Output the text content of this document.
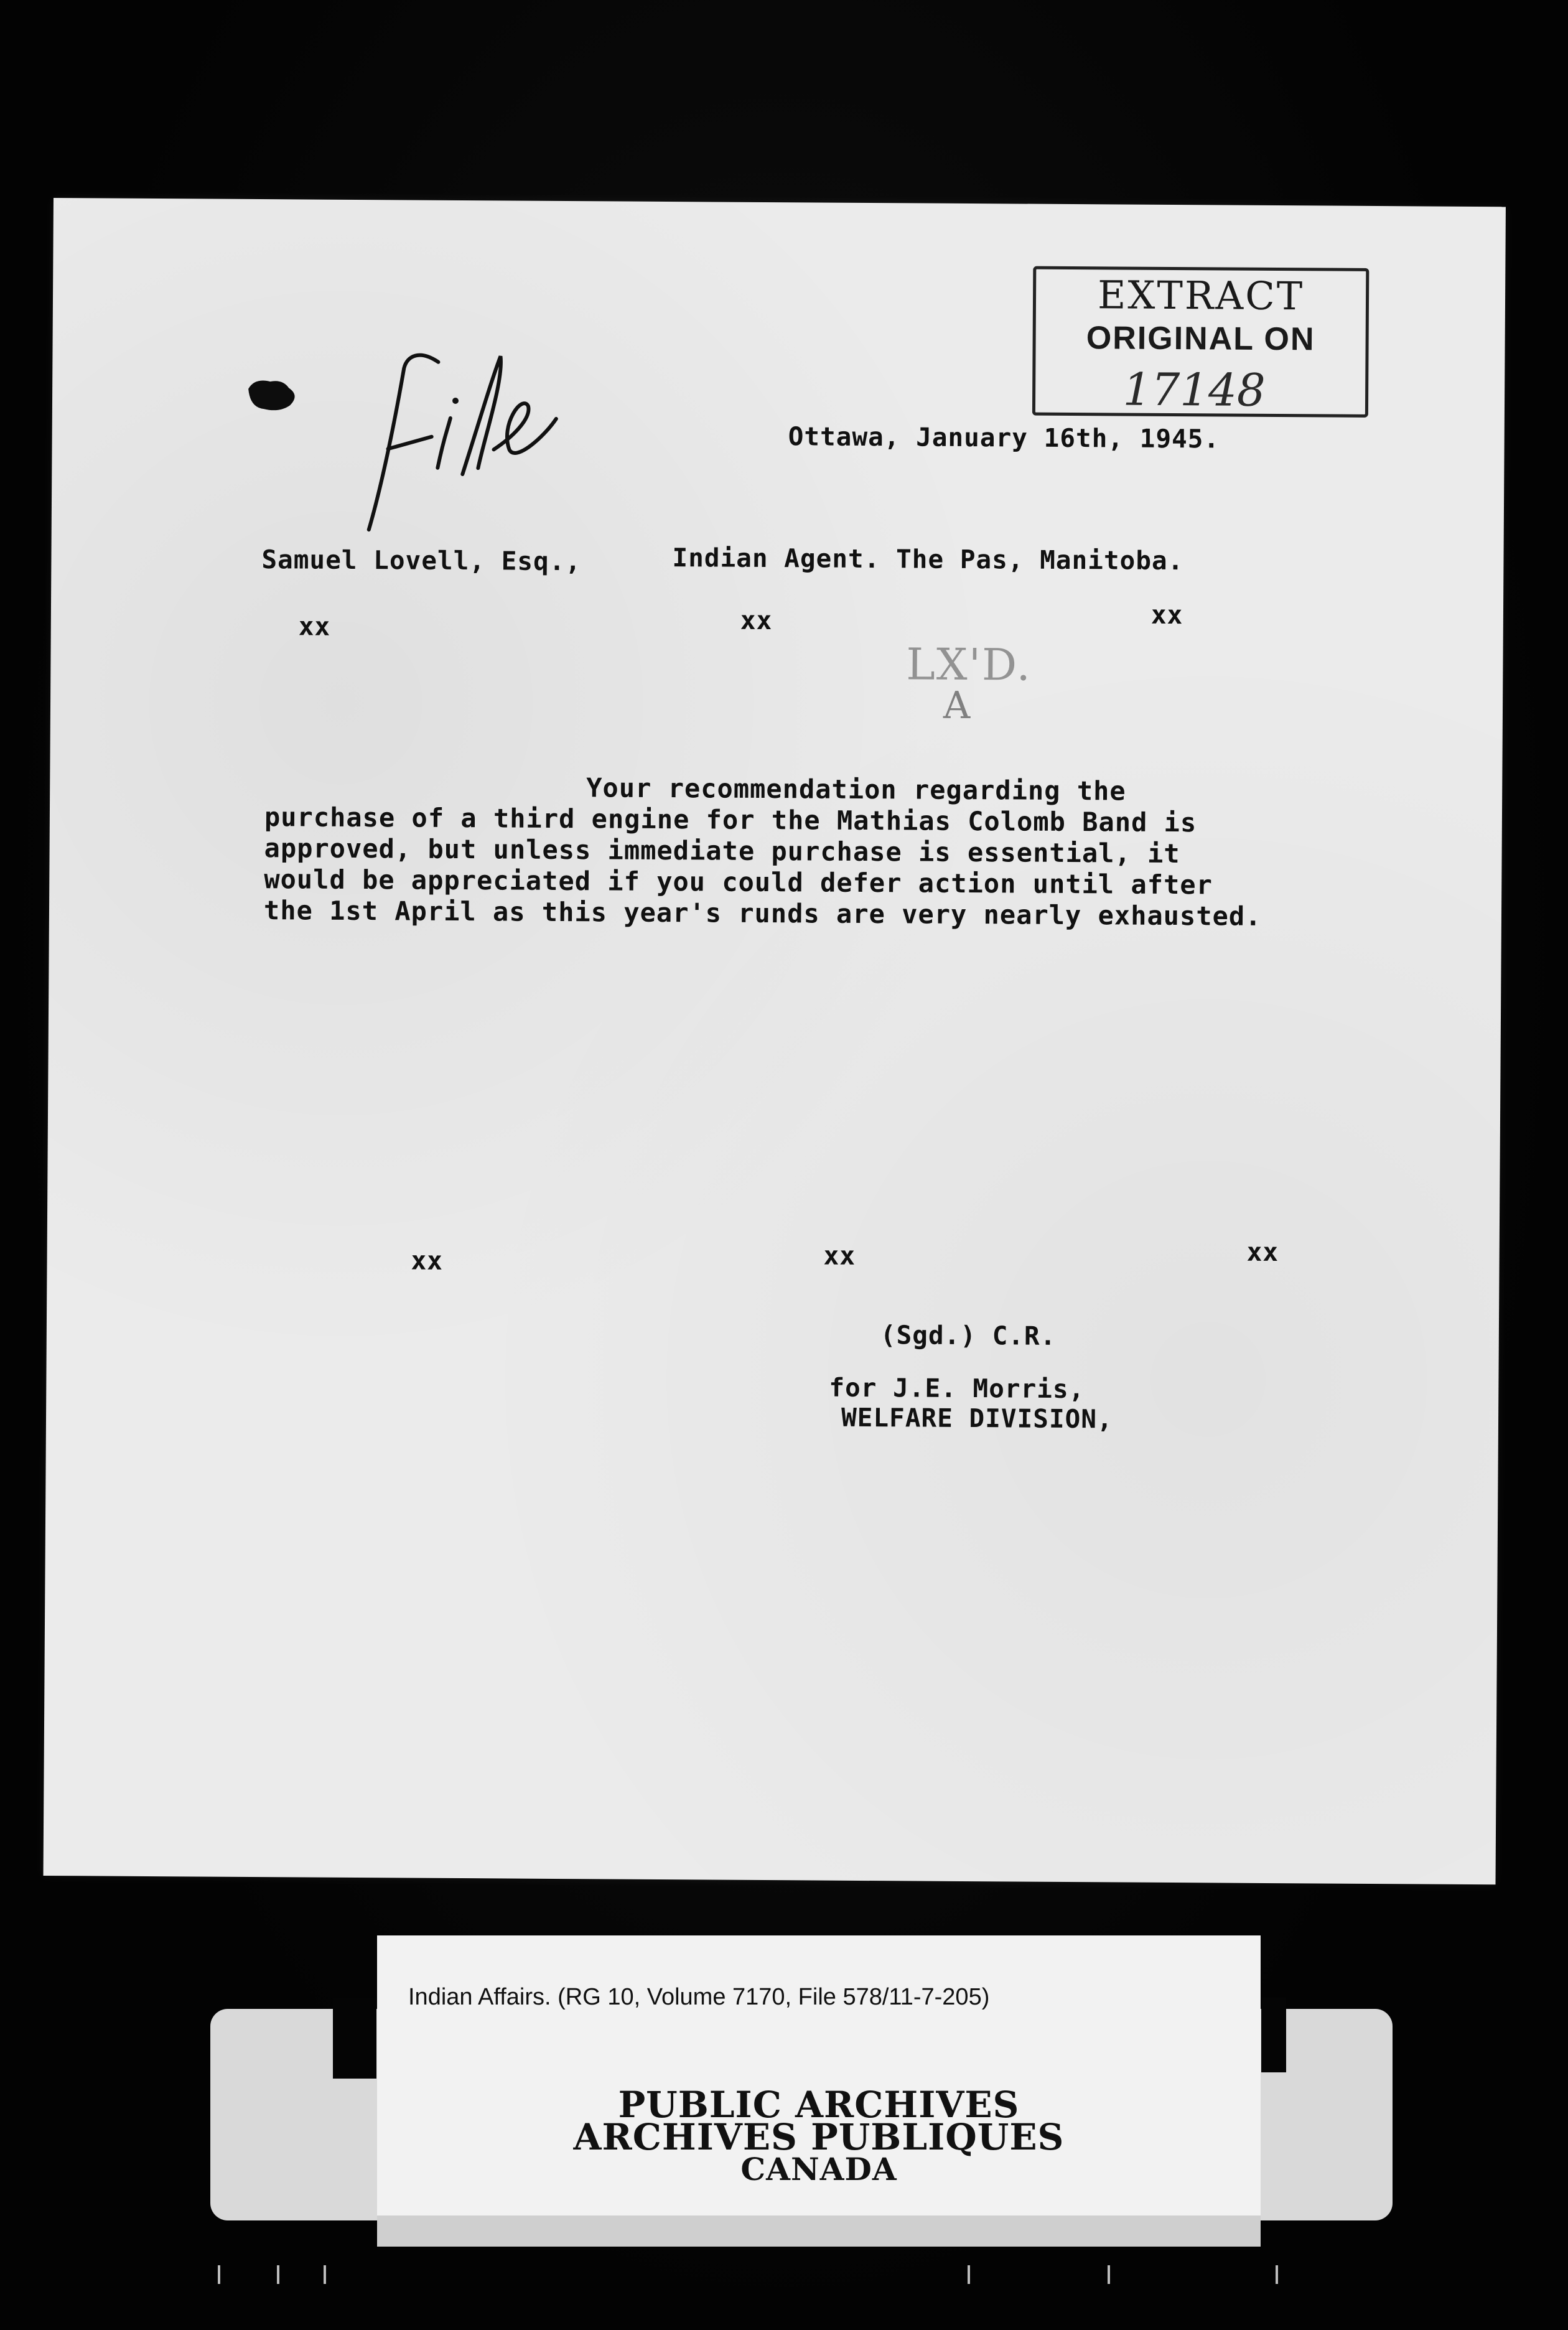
EXTRACT
ORIGINAL ON
17148

Ottawa, January 16th, 1945.

Samuel Lovell, Esq.,	Indian Agent. The Pas, Manitoba.

xx	xx	xx

LX'D.
A

Your recommendation regarding the

purchase of a third engine for the Mathias Colomb Band is

approved, but unless immediate purchase is essential, it

would be appreciated if you could defer action until after

the 1st April as this year's runds are very nearly exhausted.

xx	xx	xx

(Sgd.) C.R.

for J.E. Morris,

WELFARE DIVISION,

Indian Affairs. (RG 10, Volume 7170, File 578/11-7-205)

PUBLIC ARCHIVES

ARCHIVES PUBLIQUES

CANADA
